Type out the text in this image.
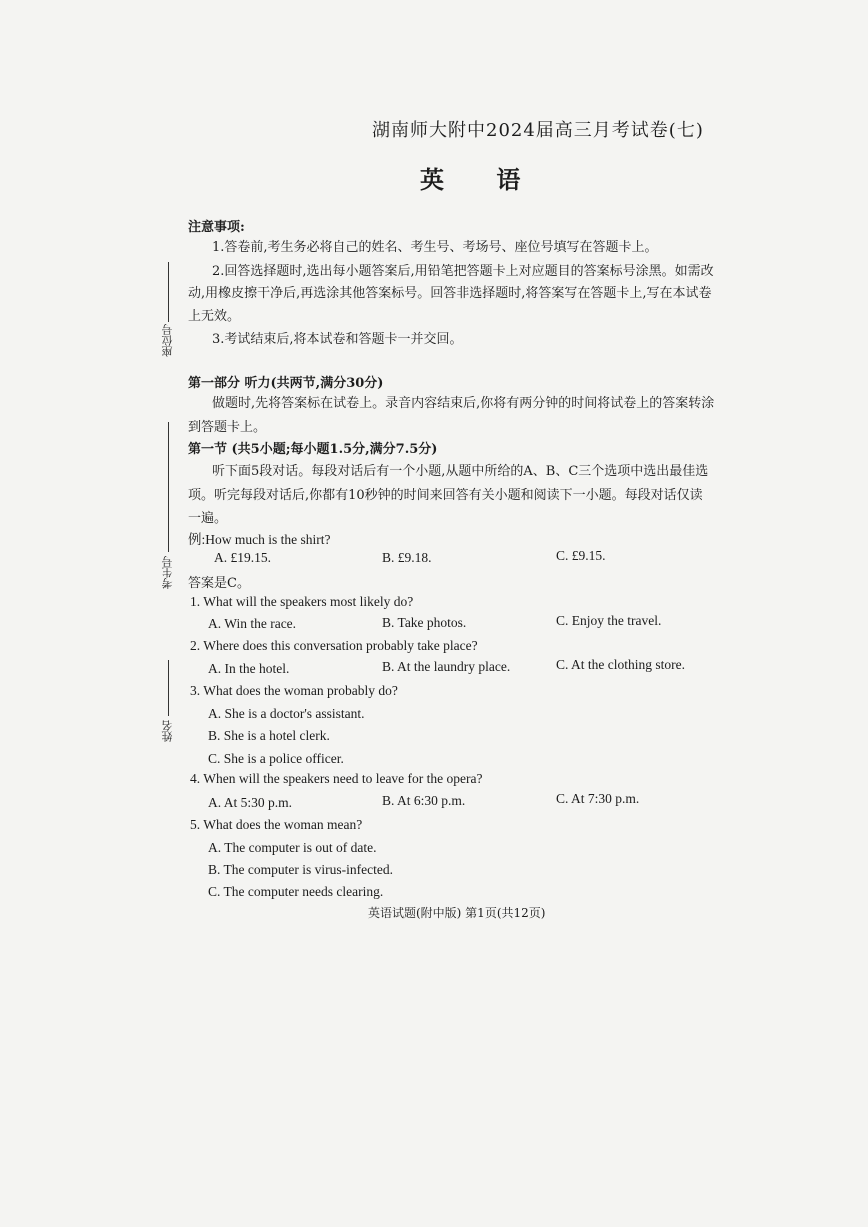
湖南师大附中2024届高三月考试卷(七)
英 语
座位号
考生号
姓名
注意事项:
1.答卷前,考生务必将自己的姓名、考生号、考场号、座位号填写在答题卡上。
2.回答选择题时,选出每小题答案后,用铅笔把答题卡上对应题目的答案标号涂黑。如需改
动,用橡皮擦干净后,再选涂其他答案标号。回答非选择题时,将答案写在答题卡上,写在本试卷
上无效。
3.考试结束后,将本试卷和答题卡一并交回。
第一部分 听力(共两节,满分30分)
做题时,先将答案标在试卷上。录音内容结束后,你将有两分钟的时间将试卷上的答案转涂
到答题卡上。
第一节 (共5小题;每小题1.5分,满分7.5分)
听下面5段对话。每段对话后有一个小题,从题中所给的A、B、C三个选项中选出最佳选
项。听完每段对话后,你都有10秒钟的时间来回答有关小题和阅读下一小题。每段对话仅读
一遍。
例:How much is the shirt?
A. £19.15.	B. £9.18.	C. £9.15.
答案是C。
1. What will the speakers most likely do?
A. Win the race.	B. Take photos.	C. Enjoy the travel.
2. Where does this conversation probably take place?
A. In the hotel.	B. At the laundry place.	C. At the clothing store.
3. What does the woman probably do?
A. She is a doctor's assistant.
B. She is a hotel clerk.
C. She is a police officer.
4. When will the speakers need to leave for the opera?
A. At 5:30 p.m.	B. At 6:30 p.m.	C. At 7:30 p.m.
5. What does the woman mean?
A. The computer is out of date.
B. The computer is virus-infected.
C. The computer needs clearing.
英语试题(附中版) 第1页(共12页)
